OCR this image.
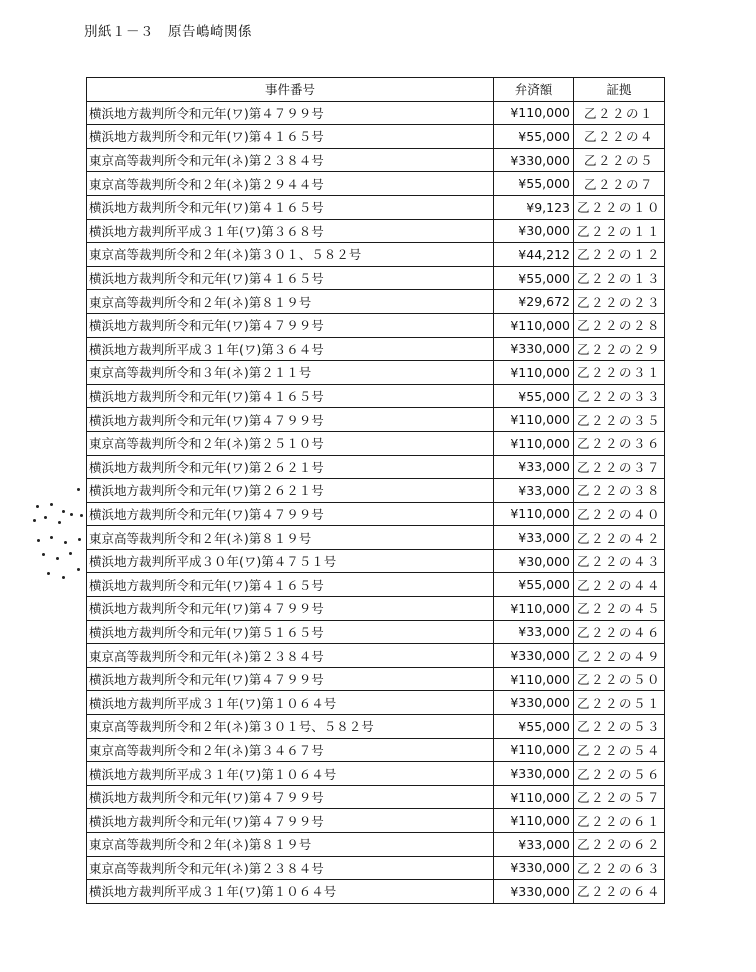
別紙１－３　原告嶋崎関係
事件番号	弁済額	証拠
横浜地方裁判所令和元年(ワ)第４７９９号	¥110,000	乙２２の１
横浜地方裁判所令和元年(ワ)第４１６５号	¥55,000	乙２２の４
東京高等裁判所令和元年(ネ)第２３８４号	¥330,000	乙２２の５
東京高等裁判所令和２年(ネ)第２９４４号	¥55,000	乙２２の７
横浜地方裁判所令和元年(ワ)第４１６５号	¥9,123	乙２２の１０
横浜地方裁判所平成３１年(ワ)第３６８号	¥30,000	乙２２の１１
東京高等裁判所令和２年(ネ)第３０１、５８２号	¥44,212	乙２２の１２
横浜地方裁判所令和元年(ワ)第４１６５号	¥55,000	乙２２の１３
東京高等裁判所令和２年(ネ)第８１９号	¥29,672	乙２２の２３
横浜地方裁判所令和元年(ワ)第４７９９号	¥110,000	乙２２の２８
横浜地方裁判所平成３１年(ワ)第３６４号	¥330,000	乙２２の２９
東京高等裁判所令和３年(ネ)第２１１号	¥110,000	乙２２の３１
横浜地方裁判所令和元年(ワ)第４１６５号	¥55,000	乙２２の３３
横浜地方裁判所令和元年(ワ)第４７９９号	¥110,000	乙２２の３５
東京高等裁判所令和２年(ネ)第２５１０号	¥110,000	乙２２の３６
横浜地方裁判所令和元年(ワ)第２６２１号	¥33,000	乙２２の３７
横浜地方裁判所令和元年(ワ)第２６２１号	¥33,000	乙２２の３８
横浜地方裁判所令和元年(ワ)第４７９９号	¥110,000	乙２２の４０
東京高等裁判所令和２年(ネ)第８１９号	¥33,000	乙２２の４２
横浜地方裁判所平成３０年(ワ)第４７５１号	¥30,000	乙２２の４３
横浜地方裁判所令和元年(ワ)第４１６５号	¥55,000	乙２２の４４
横浜地方裁判所令和元年(ワ)第４７９９号	¥110,000	乙２２の４５
横浜地方裁判所令和元年(ワ)第５１６５号	¥33,000	乙２２の４６
東京高等裁判所令和元年(ネ)第２３８４号	¥330,000	乙２２の４９
横浜地方裁判所令和元年(ワ)第４７９９号	¥110,000	乙２２の５０
横浜地方裁判所平成３１年(ワ)第１０６４号	¥330,000	乙２２の５１
東京高等裁判所令和２年(ネ)第３０１号、５８２号	¥55,000	乙２２の５３
東京高等裁判所令和２年(ネ)第３４６７号	¥110,000	乙２２の５４
横浜地方裁判所平成３１年(ワ)第１０６４号	¥330,000	乙２２の５６
横浜地方裁判所令和元年(ワ)第４７９９号	¥110,000	乙２２の５７
横浜地方裁判所令和元年(ワ)第４７９９号	¥110,000	乙２２の６１
東京高等裁判所令和２年(ネ)第８１９号	¥33,000	乙２２の６２
東京高等裁判所令和元年(ネ)第２３８４号	¥330,000	乙２２の６３
横浜地方裁判所平成３１年(ワ)第１０６４号	¥330,000	乙２２の６４
